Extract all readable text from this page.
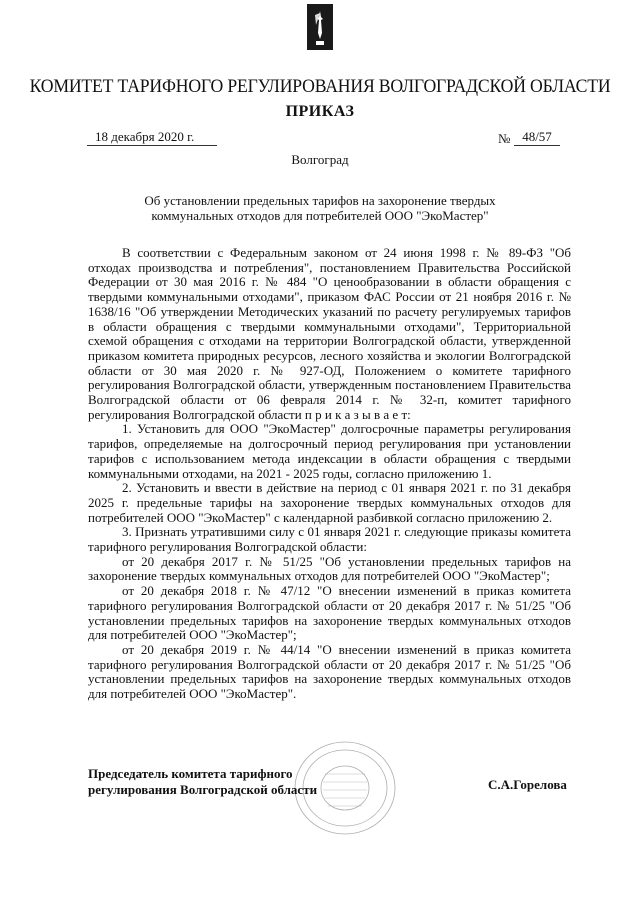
КОМИТЕТ ТАРИФНОГО РЕГУЛИРОВАНИЯ ВОЛГОГРАДСКОЙ ОБЛАСТИ
ПРИКАЗ
18 декабря 2020 г.	№ 48/57
Волгоград
Об установлении предельных тарифов на захоронение твердых коммунальных отходов для потребителей ООО "ЭкоМастер"

В соответствии с Федеральным законом от 24 июня 1998 г. № 89-ФЗ "Об отходах производства и потребления", постановлением Правительства Российской Федерации от 30 мая 2016 г. № 484 "О ценообразовании в области обращения с твердыми коммунальными отходами", приказом ФАС России от 21 ноября 2016 г. № 1638/16 "Об утверждении Методических указаний по расчету регулируемых тарифов в области обращения с твердыми коммунальными отходами", Территориальной схемой обращения с отходами на территории Волгоградской области, утвержденной приказом комитета природных ресурсов, лесного хозяйства и экологии Волгоградской области от 30 мая 2020 г. № 927-ОД, Положением о комитете тарифного регулирования Волгоградской области, утвержденным постановлением Правительства Волгоградской области от 06 февраля 2014 г. № 32-п, комитет тарифного регулирования Волгоградской области п р и к а з ы в а е т:

1. Установить для ООО "ЭкоМастер" долгосрочные параметры регулирования тарифов, определяемые на долгосрочный период регулирования при установлении тарифов с использованием метода индексации в области обращения с твердыми коммунальными отходами, на 2021 - 2025 годы, согласно приложению 1.

2. Установить и ввести в действие на период с 01 января 2021 г. по 31 декабря 2025 г. предельные тарифы на захоронение твердых коммунальных отходов для потребителей ООО "ЭкоМастер" с календарной разбивкой согласно приложению 2.

3. Признать утратившими силу с 01 января 2021 г. следующие приказы комитета тарифного регулирования Волгоградской области:

от 20 декабря 2017 г. № 51/25 "Об установлении предельных тарифов на захоронение твердых коммунальных отходов для потребителей ООО "ЭкоМастер";

от 20 декабря 2018 г. № 47/12 "О внесении изменений в приказ комитета тарифного регулирования Волгоградской области от 20 декабря 2017 г. № 51/25 "Об установлении предельных тарифов на захоронение твердых коммунальных отходов для потребителей ООО "ЭкоМастер";

от 20 декабря 2019 г. № 44/14 "О внесении изменений в приказ комитета тарифного регулирования Волгоградской области от 20 декабря 2017 г. № 51/25 "Об установлении предельных тарифов на захоронение твердых коммунальных отходов для потребителей ООО "ЭкоМастер".

Председатель комитета тарифного
регулирования Волгоградской области	С.А.Горелова
